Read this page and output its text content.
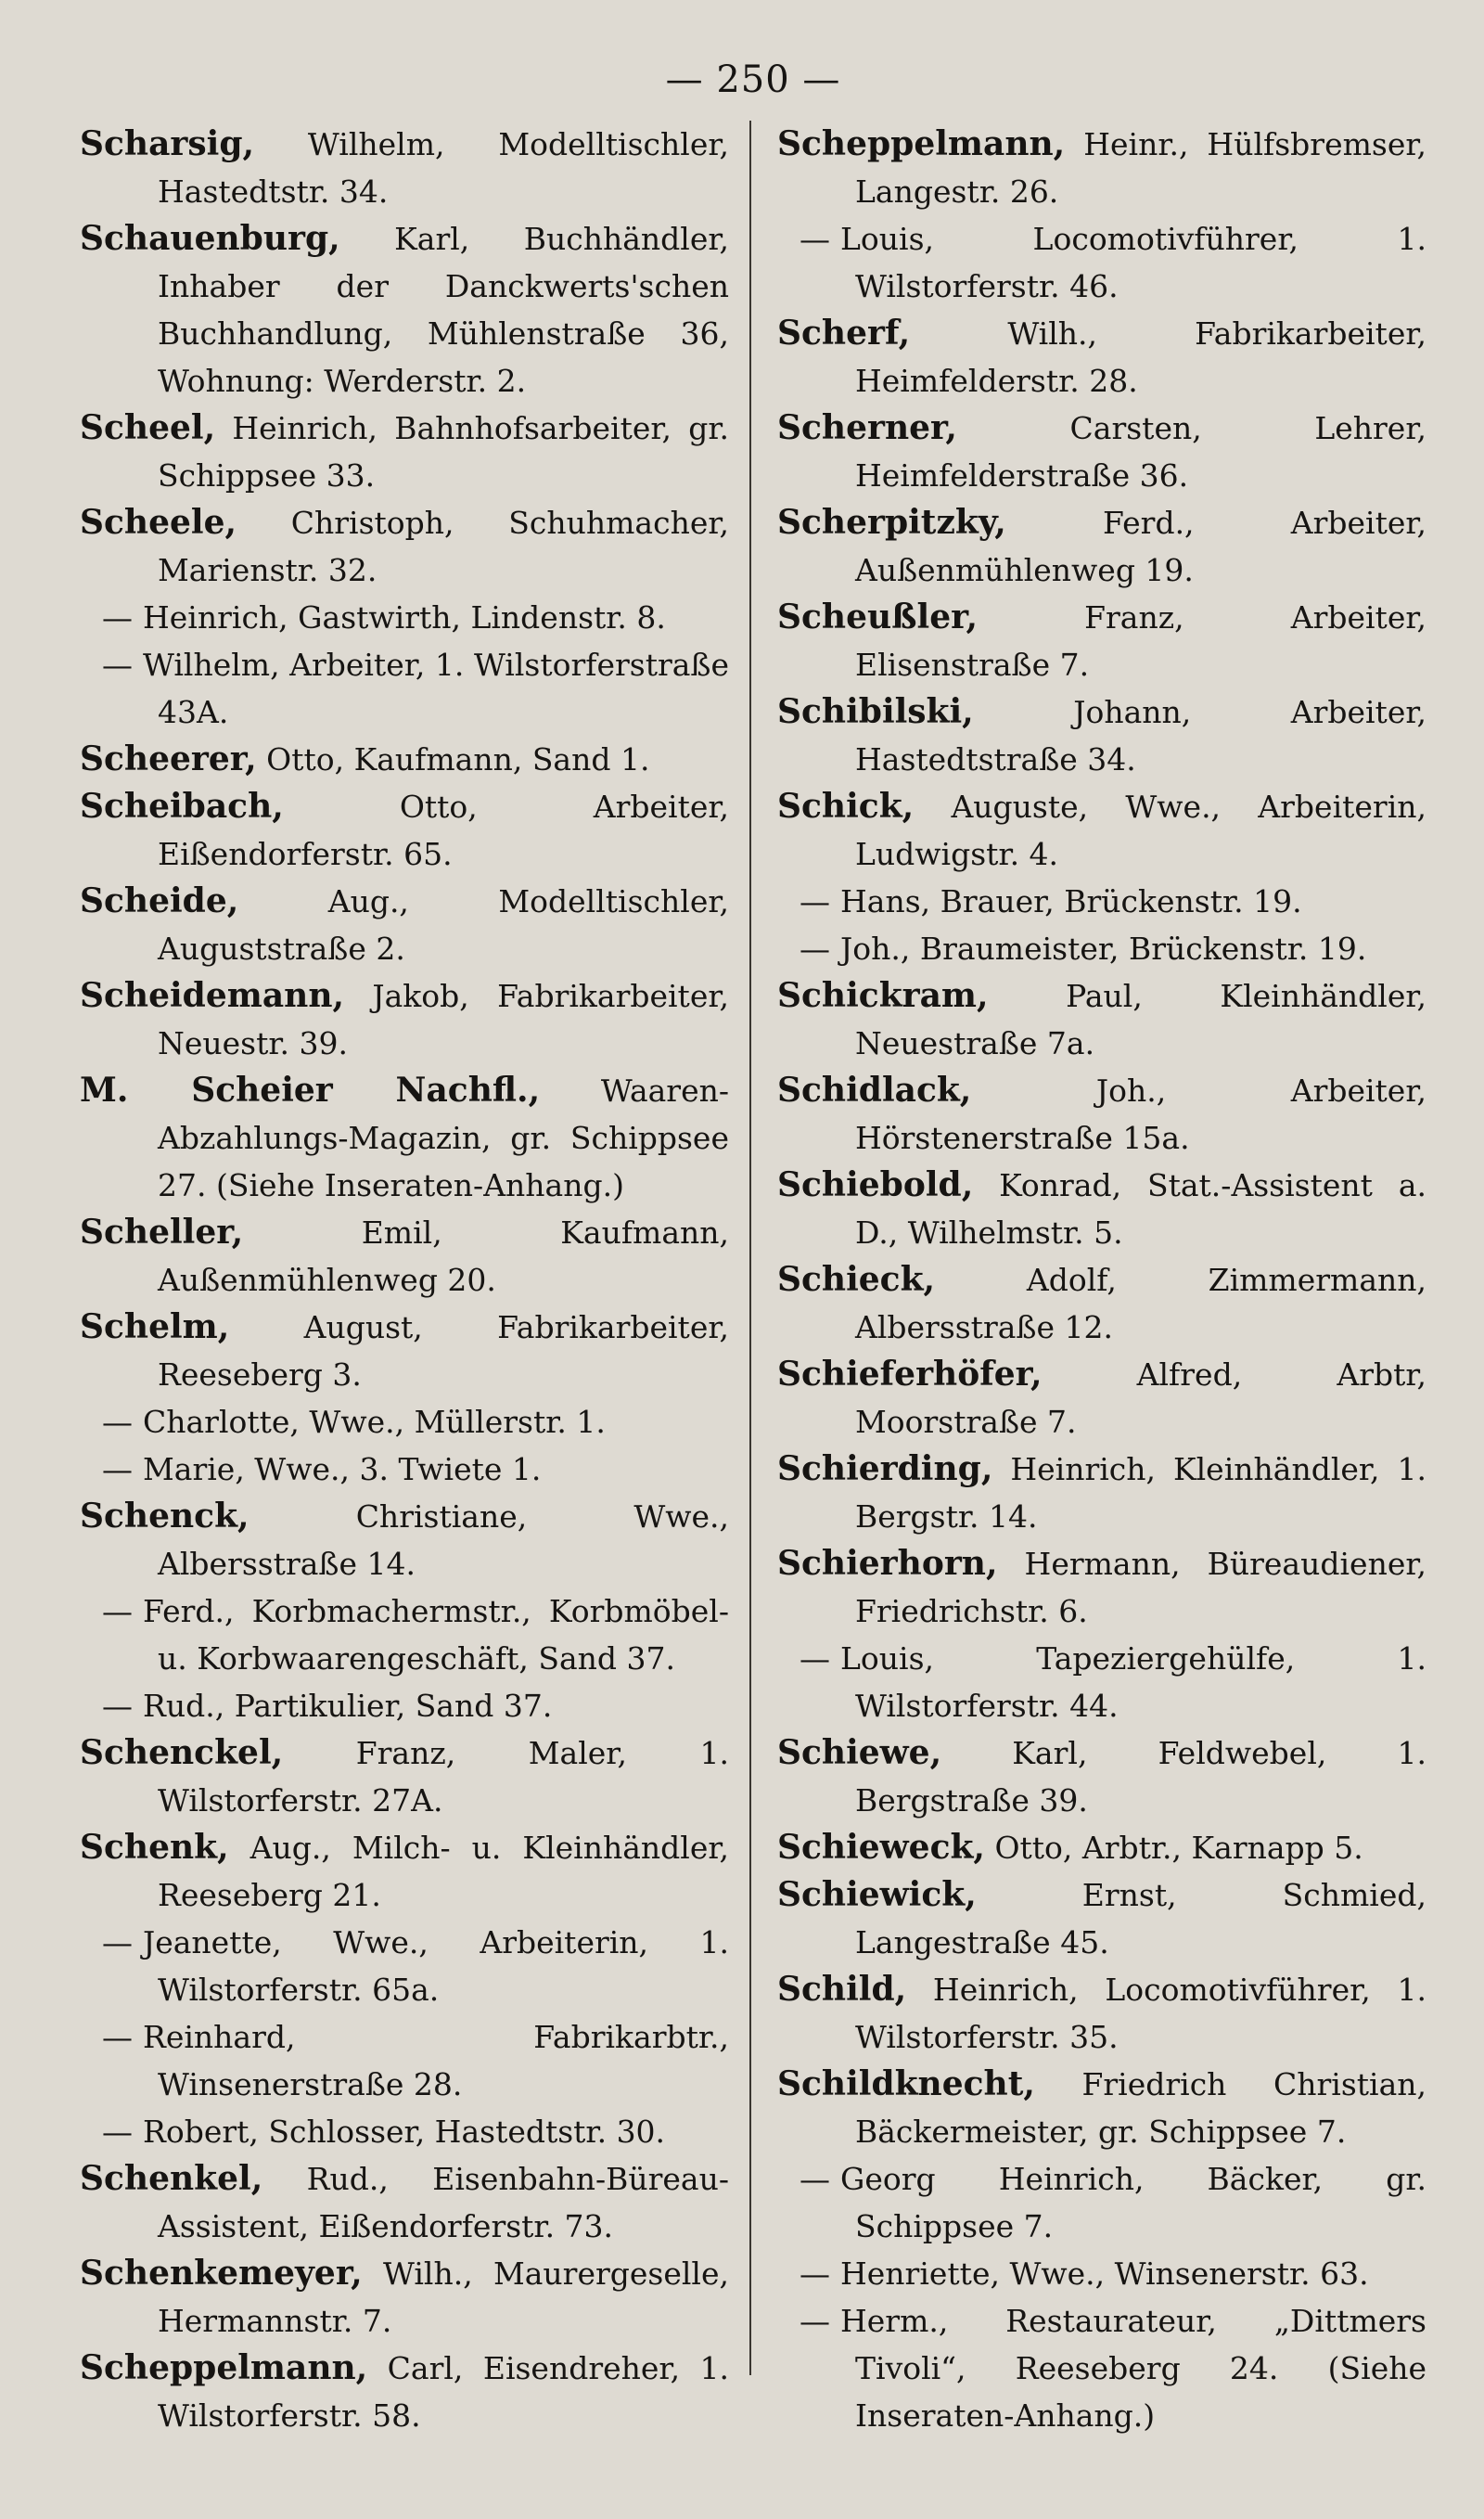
— 250 —

Scharsig, Wilhelm, Modelltischler, Hastedtstr. 34.

Schauenburg, Karl, Buchhändler, Inhaber der Danckwerts'schen Buchhandlung, Mühlenstraße 36, Wohnung: Werderstr. 2.

Scheel, Heinrich, Bahnhofsarbeiter, gr. Schippsee 33.

Scheele, Christoph, Schuhmacher, Marienstr. 32.

— Heinrich, Gastwirth, Lindenstr. 8.

— Wilhelm, Arbeiter, 1. Wilstorferstraße 43A.

Scheerer, Otto, Kaufmann, Sand 1.

Scheibach,	Otto, Arbeiter, Eißendorferstr. 65.

Scheide,	Aug., Modelltischler, Auguststraße 2.

Scheidemann, Jakob, Fabrikarbeiter, Neuestr. 39.

M. Scheier Nachfl., Waaren-Abzahlungs-Magazin, gr. Schippsee 27. (Siehe Inseraten-Anhang.)

Scheller,	Emil, Kaufmann, Außenmühlenweg 20.

Schelm, August, Fabrikarbeiter, Reeseberg 3.

— Charlotte, Wwe., Müllerstr. 1.

— Marie, Wwe., 3. Twiete 1.

Schenck,	Christiane, Wwe., Albersstraße 14.

— Ferd., Korbmachermstr., Korbmöbel- u. Korbwaarengeschäft, Sand 37.

— Rud., Partikulier, Sand 37.

Schenckel, Franz, Maler, 1. Wilstorferstr. 27A.

Schenk, Aug., Milch- u. Kleinhändler, Reeseberg 21.

— Jeanette, Wwe., Arbeiterin, 1. Wilstorferstr. 65a.

— Reinhard, Fabrikarbtr., Winsenerstraße 28.

— Robert, Schlosser, Hastedtstr. 30.

Schenkel, Rud., Eisenbahn-Büreau-Assistent, Eißendorferstr. 73.

Schenkemeyer, Wilh., Maurergeselle, Hermannstr. 7.

Scheppelmann, Carl, Eisendreher, 1. Wilstorferstr. 58.

Scheppelmann, Heinr., Hülfsbremser, Langestr. 26.

— Louis, Locomotivführer, 1. Wilstorferstr. 46.

Scherf,	Wilh., Fabrikarbeiter, Heimfelderstr. 28.

Scherner,	Carsten, Lehrer, Heimfelderstraße 36.

Scherpitzky,	Ferd., Arbeiter, Außenmühlenweg 19.

Scheußler,	Franz, Arbeiter, Elisenstraße 7.

Schibilski,	Johann, Arbeiter, Hastedtstraße 34.

Schick, Auguste, Wwe., Arbeiterin, Ludwigstr. 4.

— Hans, Brauer, Brückenstr. 19.

— Joh., Braumeister, Brückenstr. 19.

Schickram,	Paul, Kleinhändler, Neuestraße 7a.

Schidlack,	Joh., Arbeiter, Hörstenerstraße 15a.

Schiebold, Konrad, Stat.-Assistent a. D., Wilhelmstr. 5.

Schieck,	Adolf, Zimmermann, Albersstraße 12.

Schieferhöfer,	Alfred, Arbtr, Moorstraße 7.

Schierding, Heinrich, Kleinhändler, 1. Bergstr. 14.

Schierhorn, Hermann, Büreaudiener, Friedrichstr. 6.

— Louis, Tapeziergehülfe, 1. Wilstorferstr. 44.

Schiewe, Karl, Feldwebel, 1. Bergstraße 39.

Schieweck, Otto, Arbtr., Karnapp 5.

Schiewick,	Ernst, Schmied, Langestraße 45.

Schild, Heinrich, Locomotivführer, 1. Wilstorferstr. 35.

Schildknecht, Friedrich Christian, Bäckermeister, gr. Schippsee 7.

— Georg Heinrich, Bäcker, gr. Schippsee 7.

— Henriette, Wwe., Winsenerstr. 63.

— Herm., Restaurateur, „Dittmers Tivoli“, Reeseberg 24. (Siehe Inseraten-Anhang.)
